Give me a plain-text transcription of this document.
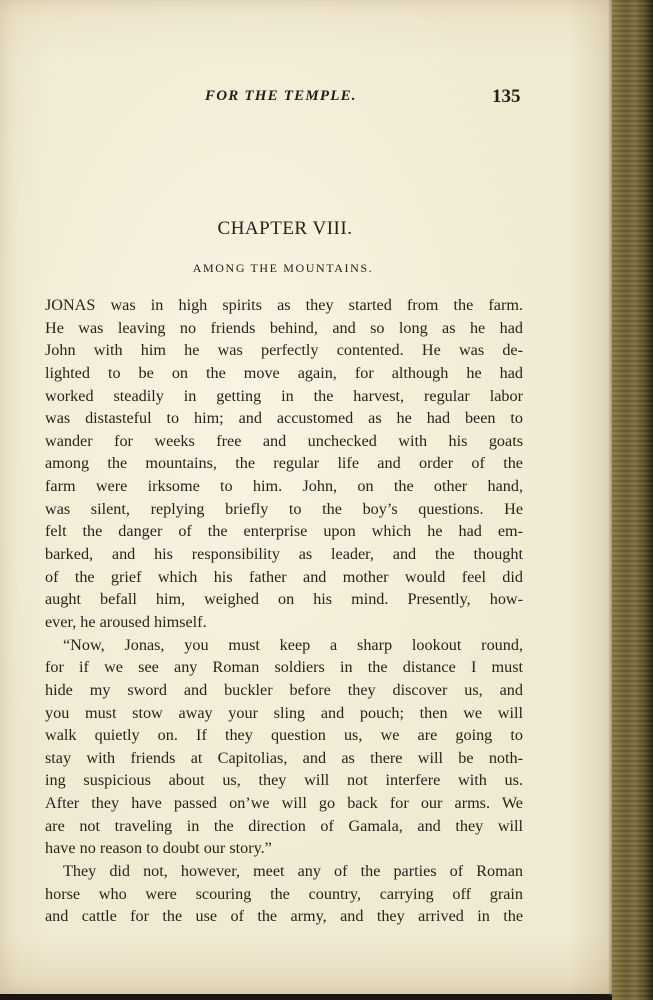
FOR THE TEMPLE.	135
CHAPTER VIII.
AMONG THE MOUNTAINS.
JONAS was in high spirits as they started from the farm.
He was leaving no friends behind, and so long as he had
John with him he was perfectly contented. He was de-
lighted to be on the move again, for although he had
worked steadily in getting in the harvest, regular labor
was distasteful to him; and accustomed as he had been to
wander for weeks free and unchecked with his goats
among the mountains, the regular life and order of the
farm were irksome to him. John, on the other hand,
was silent, replying briefly to the boy’s questions. He
felt the danger of the enterprise upon which he had em-
barked, and his responsibility as leader, and the thought
of the grief which his father and mother would feel did
aught befall him, weighed on his mind. Presently, how-
ever, he aroused himself.
“Now, Jonas, you must keep a sharp lookout round,
for if we see any Roman soldiers in the distance I must
hide my sword and buckler before they discover us, and
you must stow away your sling and pouch; then we will
walk quietly on. If they question us, we are going to
stay with friends at Capitolias, and as there will be noth-
ing suspicious about us, they will not interfere with us.
After they have passed on’we will go back for our arms. We
are not traveling in the direction of Gamala, and they will
have no reason to doubt our story.”
They did not, however, meet any of the parties of Roman
horse who were scouring the country, carrying off grain
and cattle for the use of the army, and they arrived in the
